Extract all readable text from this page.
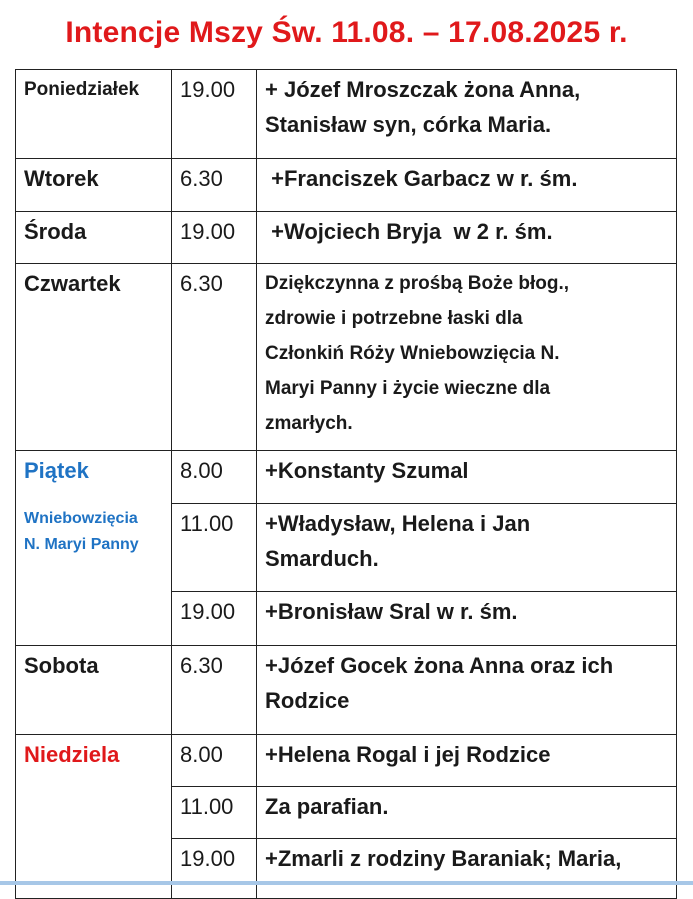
Intencje Mszy Św. 11.08. – 17.08.2025 r.
Poniedziałek	19.00	+ Józef Mroszczak żona Anna,
Stanisław syn, córka Maria.

Wtorek	6.30	+Franciszek Garbacz w r. śm.

Środa	19.00	+Wojciech Bryja  w 2 r. śm.

Czwartek	6.30	Dziękczynna z prośbą Boże błog.,
zdrowie i potrzebne łaski dla
Członkiń Róży Wniebowzięcia N.
Maryi Panny i życie wieczne dla
zmarłych.

Piątek
Wniebowzięcia
N. Maryi Panny	8.00	+Konstanty Szumal

	11.00	+Władysław, Helena i Jan
Smarduch.

	19.00	+Bronisław Sral w r. śm.

Sobota	6.30	+Józef Gocek żona Anna oraz ich
Rodzice

Niedziela	8.00	+Helena Rogal i jej Rodzice

	11.00	Za parafian.

	19.00	+Zmarli z rodziny Baraniak; Maria,
